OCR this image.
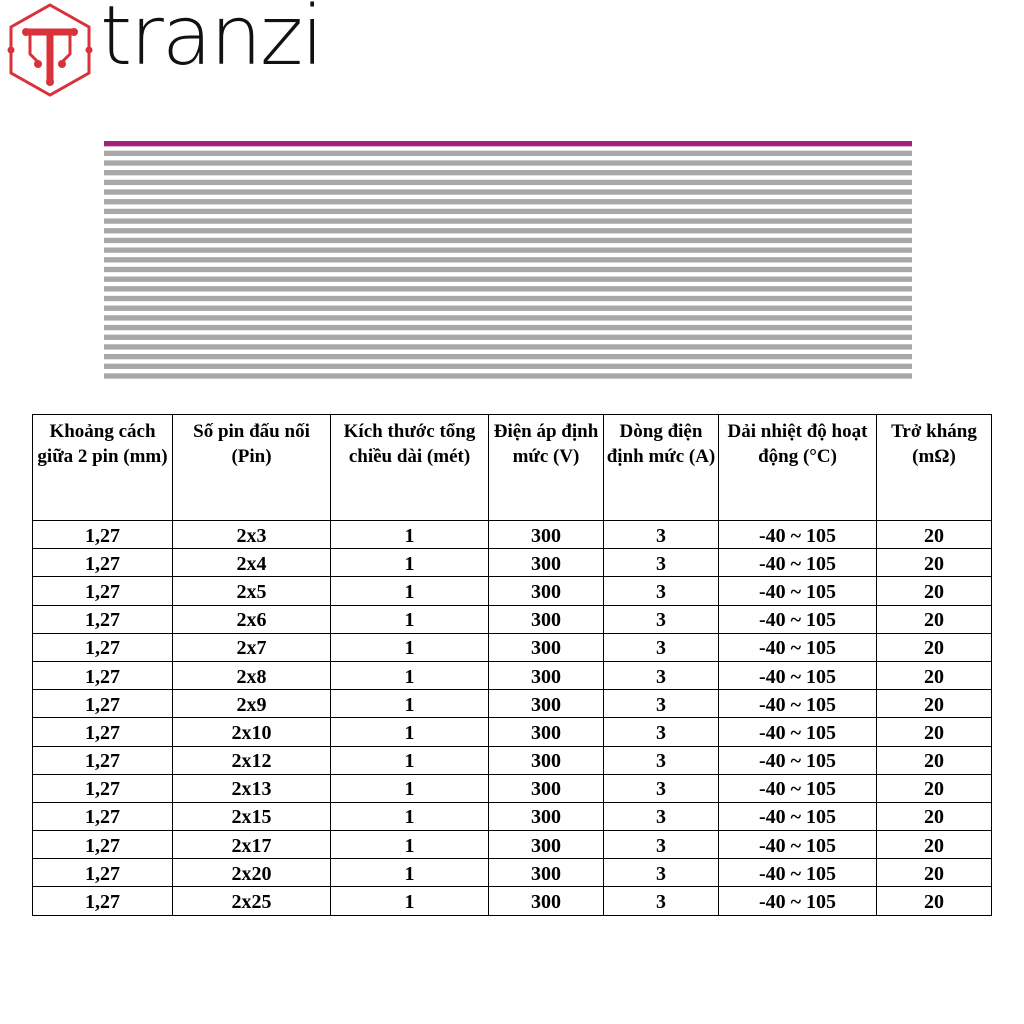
tranzi
Khoảng cách giữa 2 pin (mm)	Số pin đấu nối (Pin)	Kích thước tổng chiều dài (mét)	Điện áp định mức (V)	Dòng điện định mức (A)	Dải nhiệt độ hoạt động (°C)	Trở kháng (mΩ)
1,27	2x3	1	300	3	-40 ~ 105	20
1,27	2x4	1	300	3	-40 ~ 105	20
1,27	2x5	1	300	3	-40 ~ 105	20
1,27	2x6	1	300	3	-40 ~ 105	20
1,27	2x7	1	300	3	-40 ~ 105	20
1,27	2x8	1	300	3	-40 ~ 105	20
1,27	2x9	1	300	3	-40 ~ 105	20
1,27	2x10	1	300	3	-40 ~ 105	20
1,27	2x12	1	300	3	-40 ~ 105	20
1,27	2x13	1	300	3	-40 ~ 105	20
1,27	2x15	1	300	3	-40 ~ 105	20
1,27	2x17	1	300	3	-40 ~ 105	20
1,27	2x20	1	300	3	-40 ~ 105	20
1,27	2x25	1	300	3	-40 ~ 105	20
